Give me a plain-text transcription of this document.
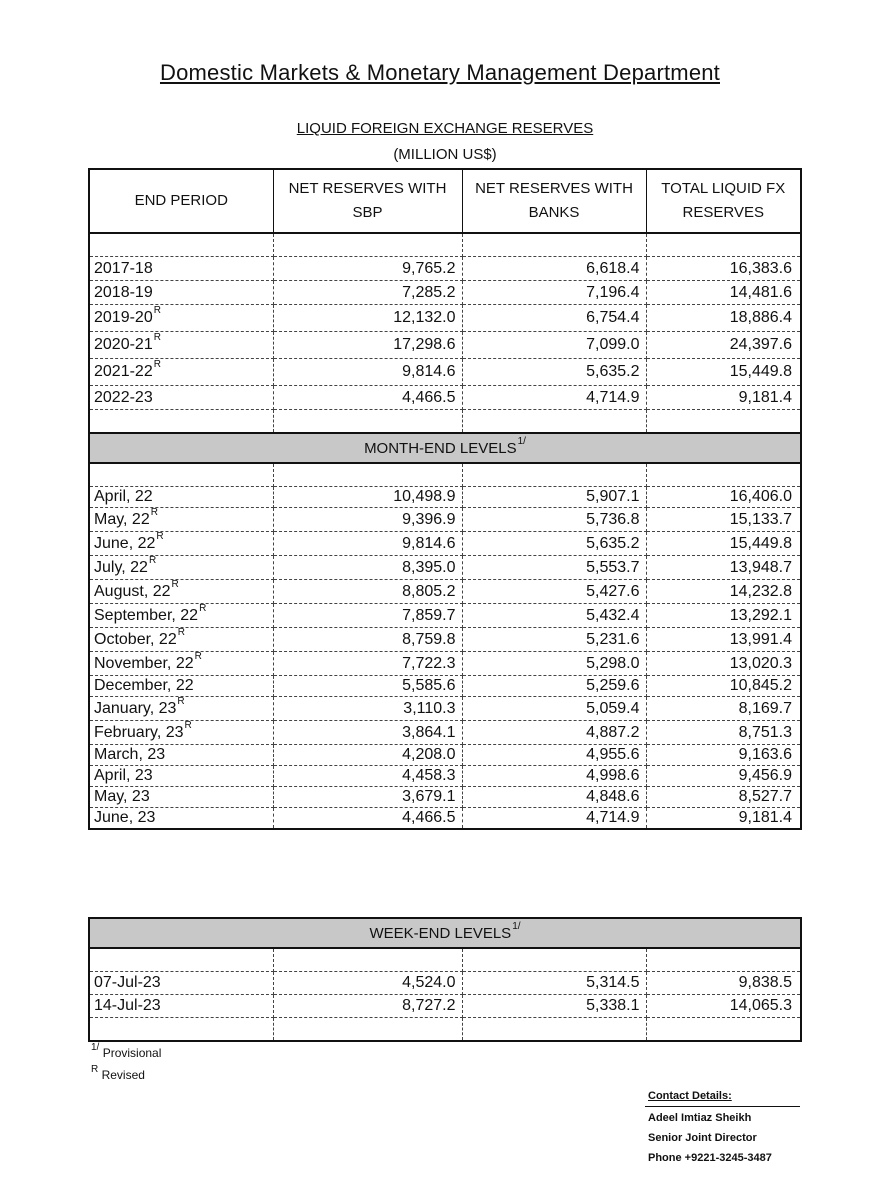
Domestic Markets & Monetary Management Department
LIQUID FOREIGN EXCHANGE RESERVES
(MILLION US$)
END PERIOD	NET RESERVES WITH SBP	NET RESERVES WITH BANKS	TOTAL LIQUID FX RESERVES

2017-18	9,765.2	6,618.4	16,383.6
2018-19	7,285.2	7,196.4	14,481.6
$2019-20^R$	12,132.0	6,754.4	18,886.4
$2020-21^R$	17,298.6	7,099.0	24,397.6
$2021-22^R$	9,814.6	5,635.2	15,449.8
2022-23	4,466.5	4,714.9	9,181.4

MONTH-END $LEVELS^{1/}$

April, 22	10,498.9	5,907.1	16,406.0
May, $22^R$	9,396.9	5,736.8	15,133.7
June, $22^R$	9,814.6	5,635.2	15,449.8
July, $22^R$	8,395.0	5,553.7	13,948.7
August, $22^R$	8,805.2	5,427.6	14,232.8
September, $22^R$	7,859.7	5,432.4	13,292.1
October, $22^R$	8,759.8	5,231.6	13,991.4
November, $22^R$	7,722.3	5,298.0	13,020.3
December, 22	5,585.6	5,259.6	10,845.2
January, $23^R$	3,110.3	5,059.4	8,169.7
February, $23^R$	3,864.1	4,887.2	8,751.3
March, 23	4,208.0	4,955.6	9,163.6
April, 23	4,458.3	4,998.6	9,456.9
May, 23	3,679.1	4,848.6	8,527.7
June, 23	4,466.5	4,714.9	9,181.4
WEEK-END $LEVELS^{1/}$

07-Jul-23	4,524.0	5,314.5	9,838.5
14-Jul-23	8,727.2	5,338.1	14,065.3

$^{1/}$ Provisional
$^R$ Revised
Contact Details:
Adeel Imtiaz Sheikh
Senior Joint Director
Phone +9221-3245-3487
